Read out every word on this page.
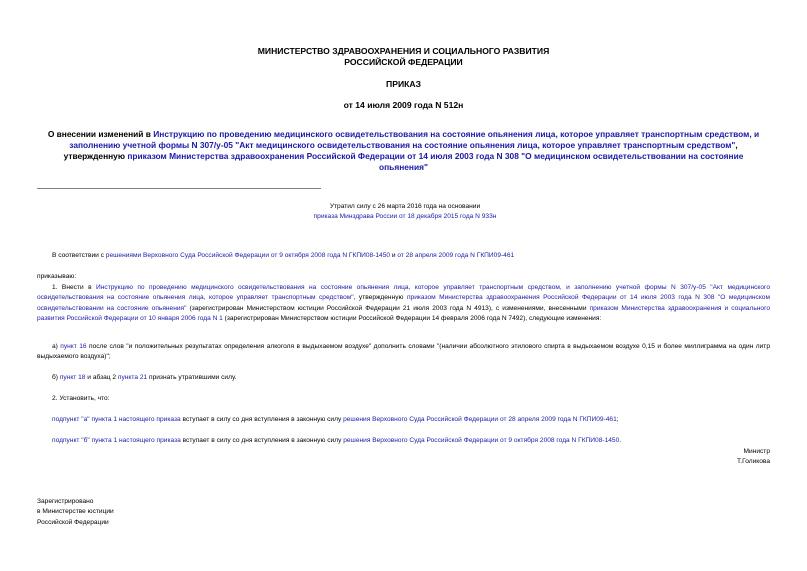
МИНИСТЕРСТВО ЗДРАВООХРАНЕНИЯ И СОЦИАЛЬНОГО РАЗВИТИЯ
РОССИЙСКОЙ ФЕДЕРАЦИИ
ПРИКАЗ
от 14 июля 2009 года N 512н
О внесении изменений в Инструкцию по проведению медицинского освидетельствования на состояние опьянения лица, которое управляет транспортным средством, и заполнению учетной формы N 307/у-05 "Акт медицинского освидетельствования на состояние опьянения лица, которое управляет транспортным средством", утвержденную приказом Министерства здравоохранения Российской Федерации от 14 июля 2003 года N 308 "О медицинском освидетельствовании на состояние опьянения"
Утратил силу с 26 марта 2016 года на основании
приказа Минздрава России от 18 декабря 2015 года N 933н
В соответствии с решениями Верховного Суда Российской Федерации от 9 октября 2008 года N ГКПИ08-1450 и от 28 апреля 2009 года N ГКПИ09-461
приказываю:
1. Внести в Инструкцию по проведению медицинского освидетельствования на состояние опьянения лица, которое управляет транспортным средством, и заполнению учетной формы N 307/у-05 "Акт медицинского освидетельствования на состояние опьянения лица, которое управляет транспортным средством", утвержденную приказом Министерства здравоохранения Российской Федерации от 14 июля 2003 года N 308 "О медицинском освидетельствовании на состояние опьянения" (зарегистрирован Министерством юстиции Российской Федерации 21 июля 2003 года N 4913), с изменениями, внесенными приказом Министерства здравоохранения и социального развития Российской Федерации от 10 января 2006 года N 1 (зарегистрирован Министерством юстиции Российской Федерации 14 февраля 2006 года N 7492), следующие изменения:
а) пункт 16 после слов "и положительных результатах определения алкоголя в выдыхаемом воздухе" дополнить словами "(наличии абсолютного этилового спирта в выдыхаемом воздухе 0,15 и более миллиграмма на один литр выдыхаемого воздуха)";
б) пункт 18 и абзац 2 пункта 21 признать утратившими силу.
2. Установить, что:
подпункт "а" пункта 1 настоящего приказа вступает в силу со дня вступления в законную силу решения Верховного Суда Российской Федерации от 28 апреля 2009 года N ГКПИ09-461;
подпункт "б" пункта 1 настоящего приказа вступает в силу со дня вступления в законную силу решения Верховного Суда Российской Федерации от 9 октября 2008 года N ГКПИ08-1450.
Министр
Т.Голикова
Зарегистрировано
в Министерстве юстиции
Российской Федерации
